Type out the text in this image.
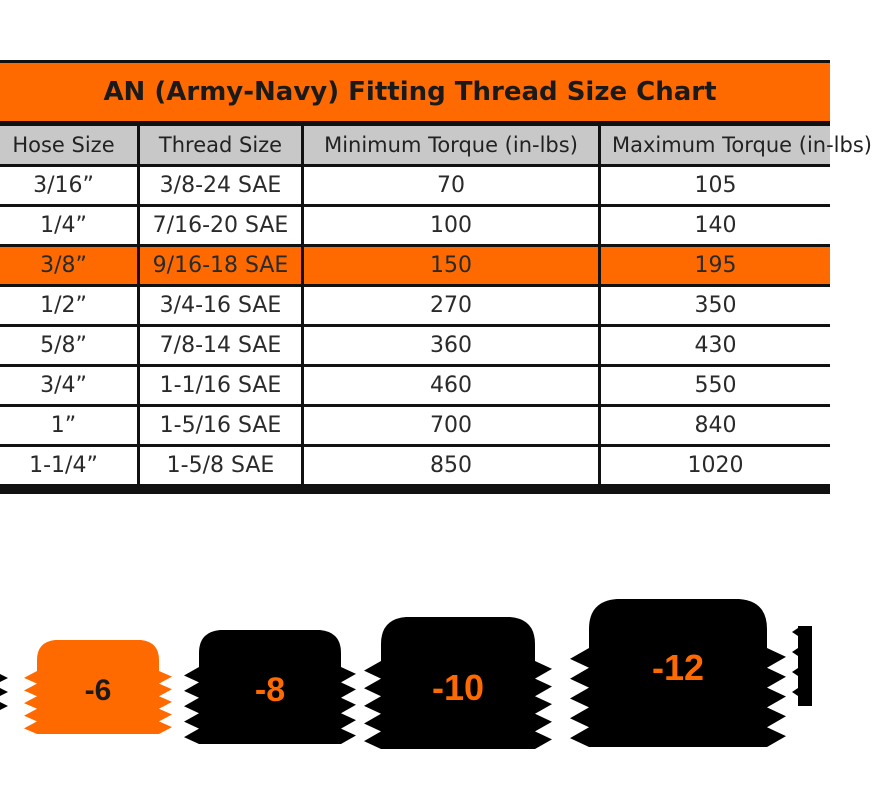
AN (Army-Navy) Fitting Thread Size Chart
Hose Size	Thread Size	Minimum Torque (in-lbs)	Maximum Torque (in-lbs)
3/16”	3/8-24 SAE	70	105
1/4”	7/16-20 SAE	100	140
3/8”	9/16-18 SAE	150	195
1/2”	3/4-16 SAE	270	350
5/8”	7/8-14 SAE	360	430
3/4”	1-1/16 SAE	460	550
1”	1-5/16 SAE	700	840
1-1/4”	1-5/8 SAE	850	1020
-6	-8	-10	-12
